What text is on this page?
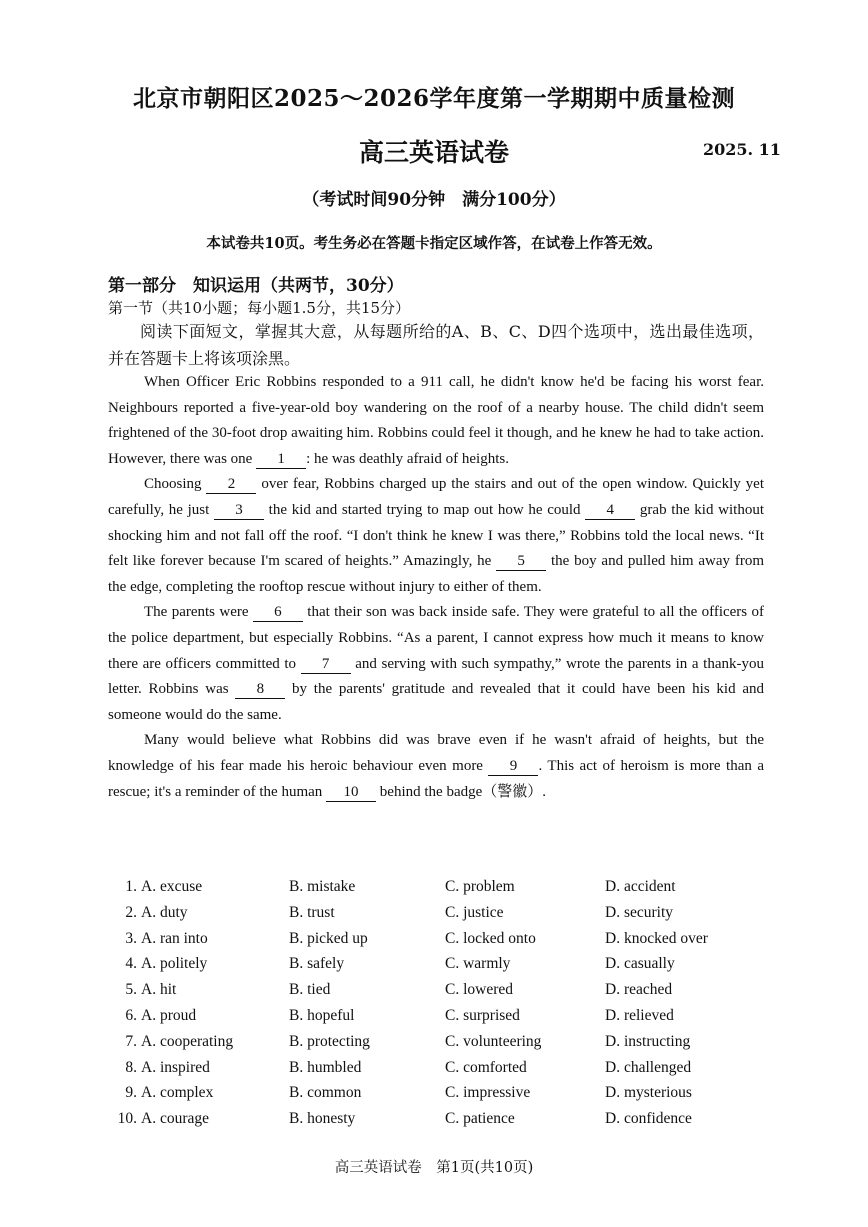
北京市朝阳区2025～2026学年度第一学期期中质量检测
高三英语试卷	2025. 11
（考试时间90分钟　满分100分）
本试卷共10页。考生务必在答题卡指定区域作答，在试卷上作答无效。
第一部分　知识运用（共两节，30分）
第一节（共10小题；每小题1.5分，共15分）
阅读下面短文，掌握其大意，从每题所给的A、B、C、D四个选项中，选出最佳选项，并在答题卡上将该项涂黑。

When Officer Eric Robbins responded to a 911 call, he didn't know he'd be facing his worst fear. Neighbours reported a five-year-old boy wandering on the roof of a nearby house. The child didn't seem frightened of the 30-foot drop awaiting him. Robbins could feel it though, and he knew he had to take action. However, there was one 1 : he was deathly afraid of heights.

Choosing 2 over fear, Robbins charged up the stairs and out of the open window. Quickly yet carefully, he just 3 the kid and started trying to map out how he could 4 grab the kid without shocking him and not fall off the roof. “I don't think he knew I was there,” Robbins told the local news. “It felt like forever because I'm scared of heights.” Amazingly, he 5 the boy and pulled him away from the edge, completing the rooftop rescue without injury to either of them.

The parents were 6 that their son was back inside safe. They were grateful to all the officers of the police department, but especially Robbins. “As a parent, I cannot express how much it means to know there are officers committed to 7 and serving with such sympathy,” wrote the parents in a thank-you letter. Robbins was 8 by the parents' gratitude and revealed that it could have been his kid and someone would do the same.

Many would believe what Robbins did was brave even if he wasn't afraid of heights, but the knowledge of his fear made his heroic behaviour even more 9 . This act of heroism is more than a rescue; it's a reminder of the human 10 behind the badge（警徽）.

1. A. excuse	B. mistake	C. problem	D. accident
2. A. duty	B. trust	C. justice	D. security
3. A. ran into	B. picked up	C. locked onto	D. knocked over
4. A. politely	B. safely	C. warmly	D. casually
5. A. hit	B. tied	C. lowered	D. reached
6. A. proud	B. hopeful	C. surprised	D. relieved
7. A. cooperating	B. protecting	C. volunteering	D. instructing
8. A. inspired	B. humbled	C. comforted	D. challenged
9. A. complex	B. common	C. impressive	D. mysterious
10. A. courage	B. honesty	C. patience	D. confidence
高三英语试卷　第1页(共10页)
